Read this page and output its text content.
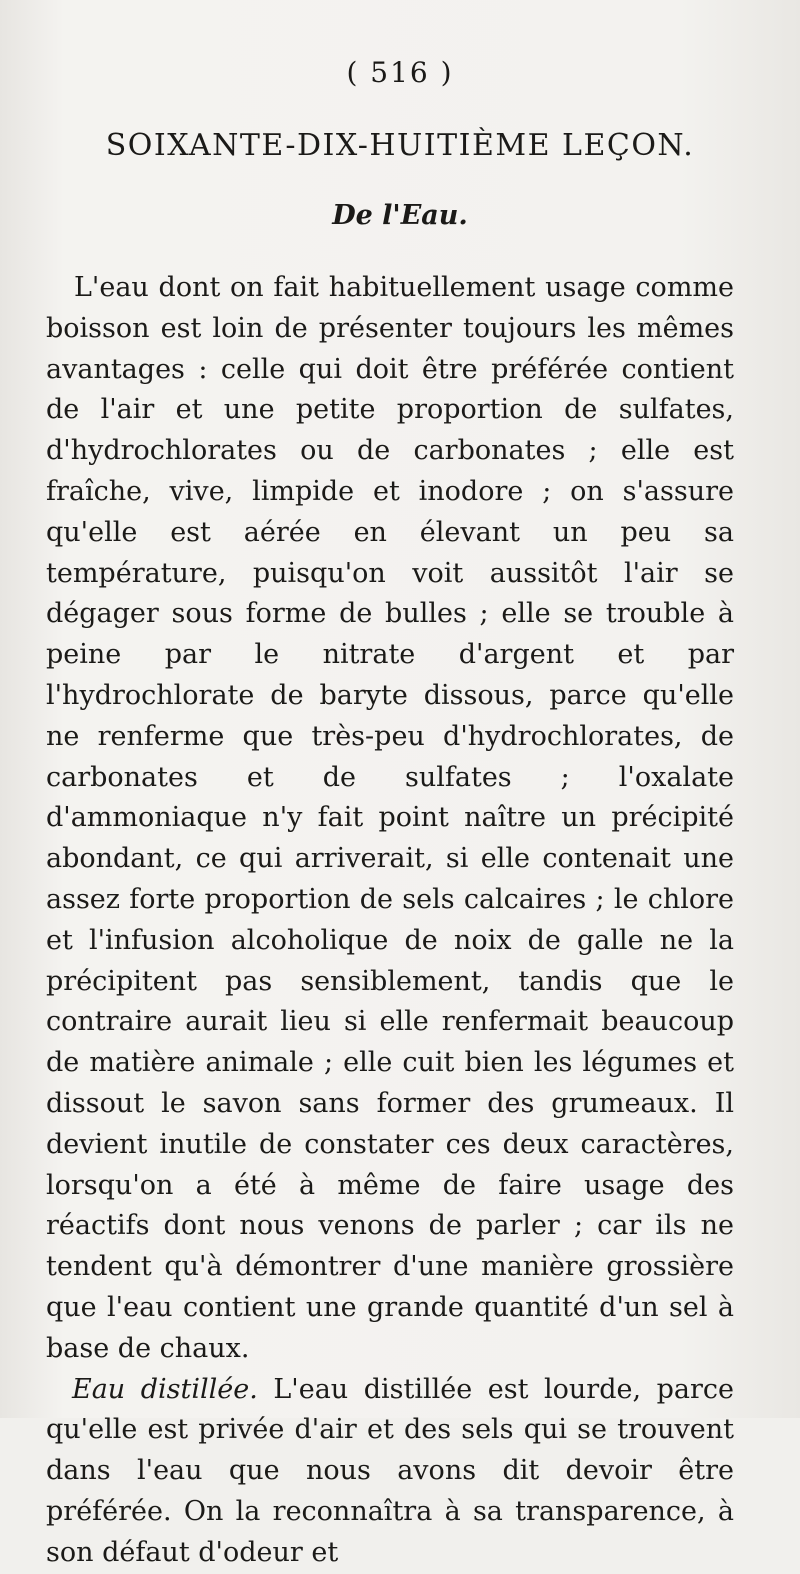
( 516 )
SOIXANTE-DIX-HUITIÈME LEÇON.
De l'Eau.

L'eau dont on fait habituellement usage comme boisson est loin de présenter toujours les mêmes avantages : celle qui doit être préférée contient de l'air et une petite proportion de sulfates, d'hydrochlorates ou de carbonates ; elle est fraîche, vive, limpide et inodore ; on s'assure qu'elle est aérée en élevant un peu sa température, puisqu'on voit aussitôt l'air se dégager sous forme de bulles ; elle se trouble à peine par le nitrate d'argent et par l'hydrochlorate de baryte dissous, parce qu'elle ne renferme que très-peu d'hydrochlorates, de carbonates et de sulfates ; l'oxalate d'ammoniaque n'y fait point naître un précipité abondant, ce qui arriverait, si elle contenait une assez forte proportion de sels calcaires ; le chlore et l'infusion alcoholique de noix de galle ne la précipitent pas sensiblement, tandis que le contraire aurait lieu si elle renfermait beaucoup de matière animale ; elle cuit bien les légumes et dissout le savon sans former des grumeaux. Il devient inutile de constater ces deux caractères, lorsqu'on a été à même de faire usage des réactifs dont nous venons de parler ; car ils ne tendent qu'à démontrer d'une manière grossière que l'eau contient une grande quantité d'un sel à base de chaux.

Eau distillée. L'eau distillée est lourde, parce qu'elle est privée d'air et des sels qui se trouvent dans l'eau que nous avons dit devoir être préférée. On la reconnaîtra à sa transparence, à son défaut d'odeur et
